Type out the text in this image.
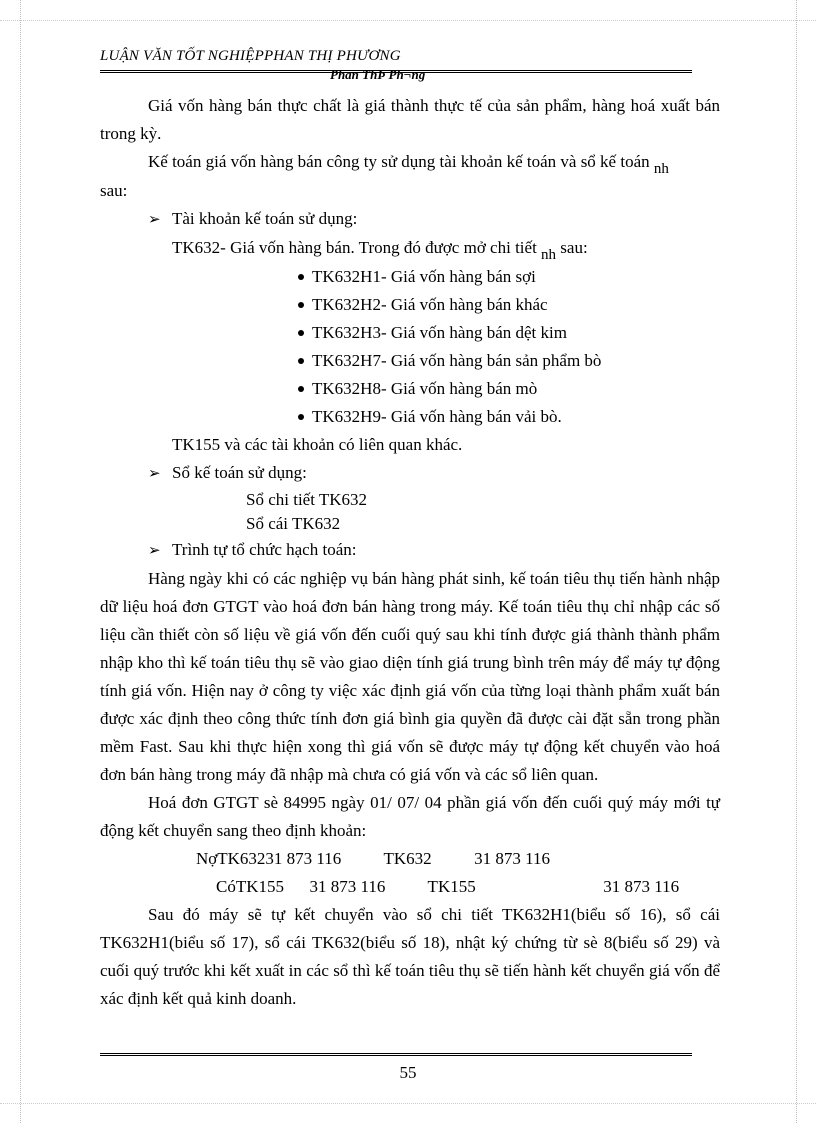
LUẬN VĂN TỐT NGHIỆPPHAN THỊ PHƯƠNG
Phan ThÞ Ph¬ng

Giá vốn hàng bán thực chất là giá thành thực tế của sản phẩm, hàng hoá xuất bán trong kỳ.

Kế toán giá vốn hàng bán công ty sử dụng tài khoản kế toán và sổ kế toán nh
sau:

➢ Tài khoản kế toán sử dụng:

TK632- Giá vốn hàng bán. Trong đó được mở chi tiết nh sau:

TK632H1- Giá vốn hàng bán sợi
TK632H2- Giá vốn hàng bán khác
TK632H3- Giá vốn hàng bán dệt kim
TK632H7- Giá vốn hàng bán sản phẩm bò
TK632H8- Giá vốn hàng bán mò
TK632H9- Giá vốn hàng bán vải bò.

TK155 và các tài khoản có liên quan khác.

➢ Sổ kế toán sử dụng:

Sổ chi tiết TK632

Sổ cái TK632

➢ Trình tự tổ chức hạch toán:

Hàng ngày khi có các nghiệp vụ bán hàng phát sinh, kế toán tiêu thụ tiến hành nhập dữ liệu hoá đơn GTGT vào hoá đơn bán hàng trong máy. Kế toán tiêu thụ chỉ nhập các số liệu cần thiết còn số liệu về giá vốn đến cuối quý sau khi tính được giá thành thành phẩm nhập kho thì kế toán tiêu thụ sẽ vào giao diện tính giá trung bình trên máy để máy tự động tính giá vốn. Hiện nay ở công ty việc xác định giá vốn của từng loại thành phẩm xuất bán được xác định theo công thức tính đơn giá bình gia quyền đã được cài đặt sẵn trong phần mềm Fast. Sau khi thực hiện xong thì giá vốn sẽ được máy tự động kết chuyển vào hoá đơn bán hàng trong máy đã nhập mà chưa có giá vốn và các sổ liên quan.

Hoá đơn GTGT sè 84995 ngày 01/ 07/ 04 phần giá vốn đến cuối quý máy mới tự động kết chuyển sang theo định khoản:

NợTK63231 873 116          TK632          31 873 116

CóTK155      31 873 116          TK155                              31 873 116

Sau đó máy sẽ tự kết chuyển vào sổ chi tiết TK632H1(biểu số 16), sổ cái TK632H1(biểu số 17), sổ cái TK632(biểu số 18), nhật ký chứng từ sè 8(biểu số 29) và cuối quý trước khi kết xuất in các sổ thì kế toán tiêu thụ sẽ tiến hành kết chuyển giá vốn để xác định kết quả kinh doanh.

55
